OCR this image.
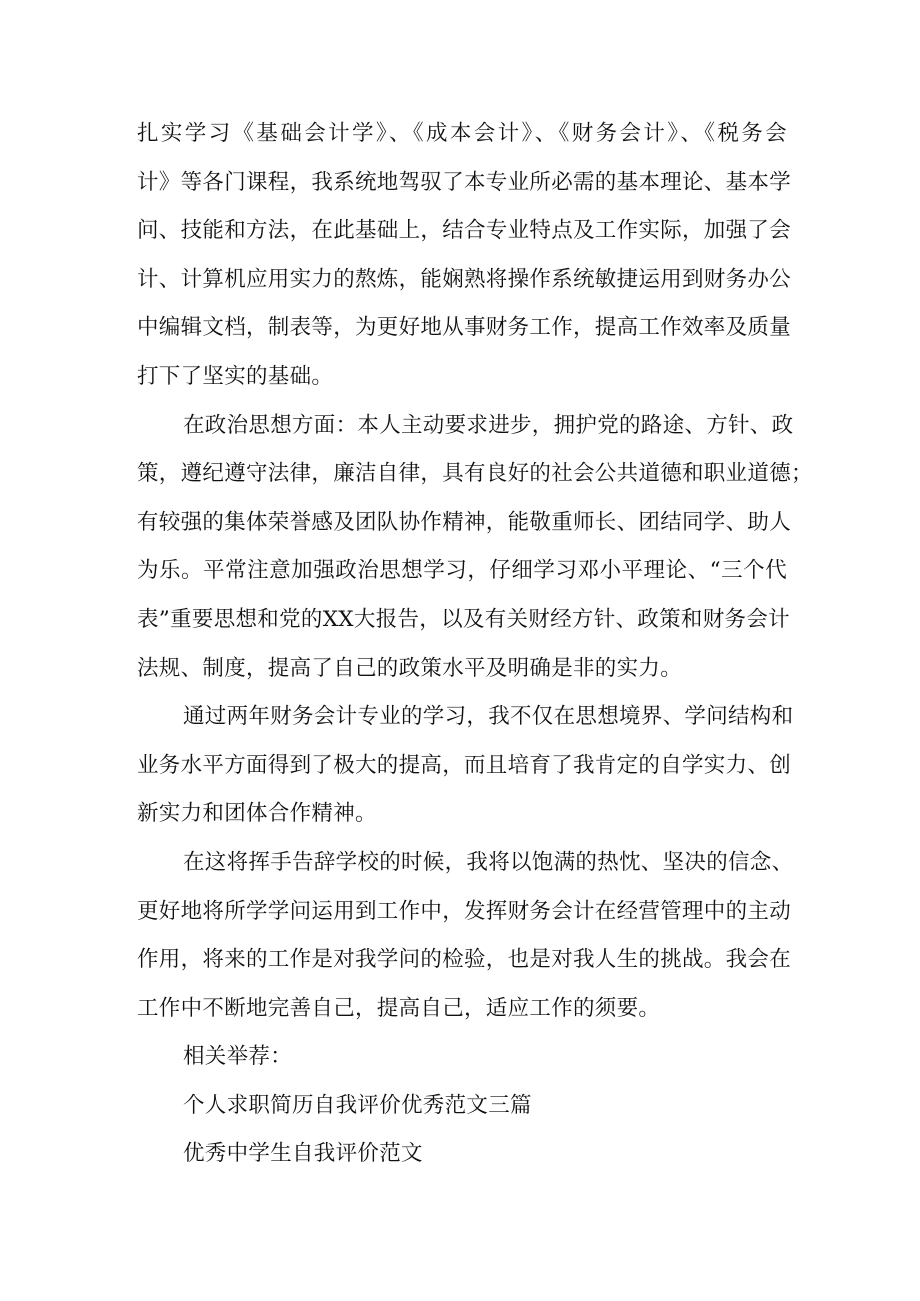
扎实学习《基础会计学》、《成本会计》、《财务会计》、《税务会
计》等各门课程，我系统地驾驭了本专业所必需的基本理论、基本学
问、技能和方法，在此基础上，结合专业特点及工作实际，加强了会
计、计算机应用实力的熬炼，能娴熟将操作系统敏捷运用到财务办公
中编辑文档，制表等，为更好地从事财务工作，提高工作效率及质量
打下了坚实的基础。
在政治思想方面：本人主动要求进步，拥护党的路途、方针、政
策，遵纪遵守法律，廉洁自律，具有良好的社会公共道德和职业道德；
有较强的集体荣誉感及团队协作精神，能敬重师长、团结同学、助人
为乐。平常注意加强政治思想学习，仔细学习邓小平理论、“三个代
表”重要思想和党的XX大报告，以及有关财经方针、政策和财务会计
法规、制度，提高了自己的政策水平及明确是非的实力。
通过两年财务会计专业的学习，我不仅在思想境界、学问结构和
业务水平方面得到了极大的提高，而且培育了我肯定的自学实力、创
新实力和团体合作精神。
在这将挥手告辞学校的时候，我将以饱满的热忱、坚决的信念、
更好地将所学学问运用到工作中，发挥财务会计在经营管理中的主动
作用，将来的工作是对我学问的检验，也是对我人生的挑战。我会在
工作中不断地完善自己，提高自己，适应工作的须要。
相关举荐：
个人求职简历自我评价优秀范文三篇
优秀中学生自我评价范文
